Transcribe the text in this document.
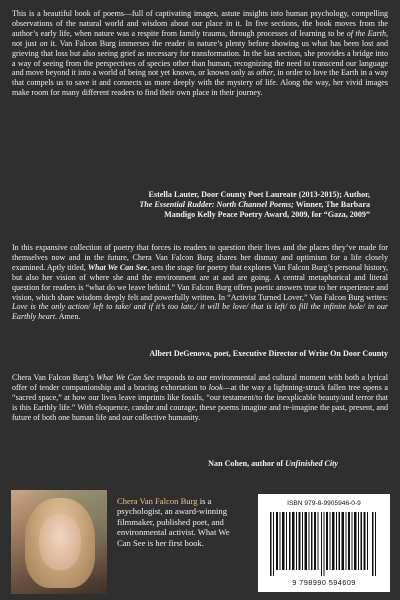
This is a beautiful book of poems—full of captivating images, astute insights into human psychology, compelling observations of the natural world and wisdom about our place in it. In five sections, the book moves from the author’s early life, when nature was a respite from family trauma, through processes of learning to be of the Earth, not just on it. Van Falcon Burg immerses the reader in nature’s plenty before showing us what has been lost and grieving that loss but also seeing grief as necessary for transformation. In the last section, she provides a bridge into a way of seeing from the perspectives of species other than human, recognizing the need to transcend our language and move beyond it into a world of being not yet known, or known only as other, in order to love the Earth in a way that compels us to save it and connects us more deeply with the mystery of life. Along the way, her vivid images make room for many different readers to find their own place in their journey.

Estella Lauter, Door County Poet Laureate (2013-2015); Author,
The Essential Rudder: North Channel Poems; Winner, The Barbara
Mandigo Kelly Peace Poetry Award, 2009, for “Gaza, 2009”

In this expansive collection of poetry that forces its readers to question their lives and the places they’ve made for themselves now and in the future, Chera Van Falcon Burg shares her dismay and optimism for a life closely examined. Aptly titled, What We Can See, sets the stage for poetry that explores Van Falcon Burg’s personal history, but also her vision of where she and the environment are at and are going. A central metaphorical and literal question for readers is “what do we leave behind.” Van Falcon Burg offers poetic answers true to her experience and vision, which share wisdom deeply felt and powerfully written. In “Activist Turned Lover,” Van Falcon Burg writes: Love is the only action/ left to take/ and if it’s too late,/ it will be love/ that is left/ to fill the infinite hole/ in our Earthly heart. Amen.

Albert DeGenova, poet, Executive Director of Write On Door County

Chera Van Falcon Burg’s What We Can See responds to our environmental and cultural moment with both a lyrical offer of tender companionship and a bracing exhortation to look—at the way a lightning-struck fallen tree opens a “sacred space,” at how our lives leave imprints like fossils, “our testament/to the inexplicable beauty/and terror that is this Earthly life.” With eloquence, candor and courage, these poems imagine and re-imagine the past, present, and future of both one human life and our collective humanity.

Nan Cohen, author of Unfinished City

Chera Van Falcon Burg is a psychologist, an award-winning filmmaker, published poet, and environmental activist. What We Can See is her first book.

ISBN 979-8-9905946-0-9
9 798990 594609
